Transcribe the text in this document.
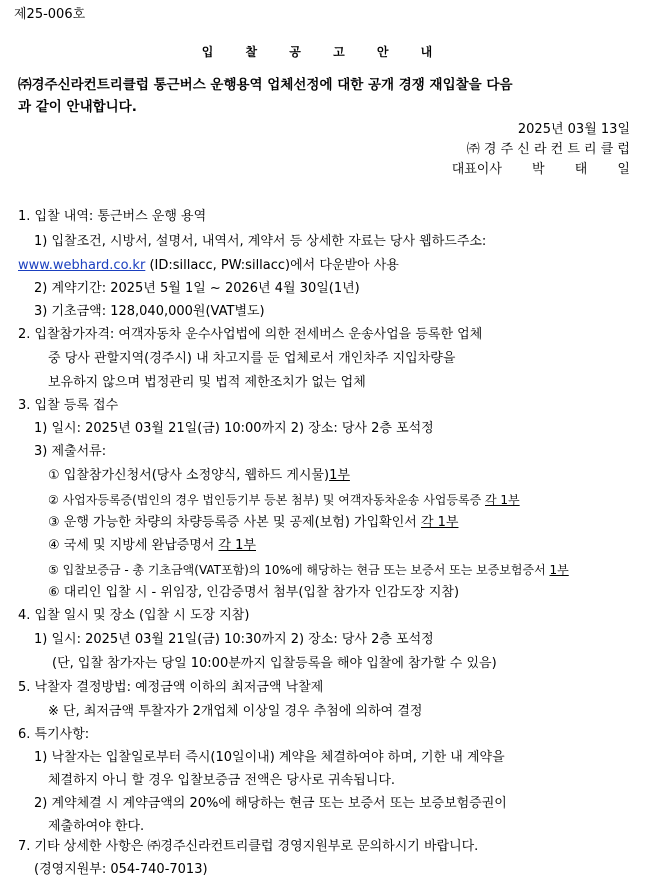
제25-006호
입 찰 공 고 안 내
㈜경주신라컨트리클럽 통근버스 운행용역 업체선정에 대한 공개 경쟁 재입찰을 다음
과 같이 안내합니다.
2025년 03월 13일
㈜ 경 주 신 라 컨 트 리 클 럽
대표이사 박 태 일
1. 입찰 내역: 통근버스 운행 용역
1) 입찰조건, 시방서, 설명서, 내역서, 계약서 등 상세한 자료는 당사 웹하드주소:
www.webhard.co.kr (ID:sillacc, PW:sillacc)에서 다운받아 사용
2) 계약기간: 2025년 5월 1일 ~ 2026년 4월 30일(1년)
3) 기초금액: 128,040,000원(VAT별도)
2. 입찰참가자격: 여객자동차 운수사업법에 의한 전세버스 운송사업을 등록한 업체
중 당사 관할지역(경주시) 내 차고지를 둔 업체로서 개인차주 지입차량을
보유하지 않으며 법정관리 및 법적 제한조치가 없는 업체
3. 입찰 등록 접수
1) 일시: 2025년 03월 21일(금) 10:00까지 2) 장소: 당사 2층 포석정
3) 제출서류:
① 입찰참가신청서(당사 소정양식, 웹하드 게시물)1부
② 사업자등록증(법인의 경우 법인등기부 등본 첨부) 및 여객자동차운송 사업등록증 각 1부
③ 운행 가능한 차량의 차량등록증 사본 및 공제(보험) 가입확인서 각 1부
④ 국세 및 지방세 완납증명서 각 1부
⑤ 입찰보증금 - 총 기초금액(VAT포함)의 10%에 해당하는 현금 또는 보증서 또는 보증보험증서 1부
⑥ 대리인 입찰 시 - 위임장, 인감증명서 첨부(입찰 참가자 인감도장 지참)
4. 입찰 일시 및 장소 (입찰 시 도장 지참)
1) 일시: 2025년 03월 21일(금) 10:30까지 2) 장소: 당사 2층 포석정
(단, 입찰 참가자는 당일 10:00분까지 입찰등록을 해야 입찰에 참가할 수 있음)
5. 낙찰자 결정방법: 예정금액 이하의 최저금액 낙찰제
※ 단, 최저금액 투찰자가 2개업체 이상일 경우 추첨에 의하여 결정
6. 특기사항:
1) 낙찰자는 입찰일로부터 즉시(10일이내) 계약을 체결하여야 하며, 기한 내 계약을
체결하지 아니 할 경우 입찰보증금 전액은 당사로 귀속됩니다.
2) 계약체결 시 계약금액의 20%에 해당하는 현금 또는 보증서 또는 보증보험증권이
제출하여야 한다.
7. 기타 상세한 사항은 ㈜경주신라컨트리클럽 경영지원부로 문의하시기 바랍니다.
(경영지원부: 054-740-7013)
